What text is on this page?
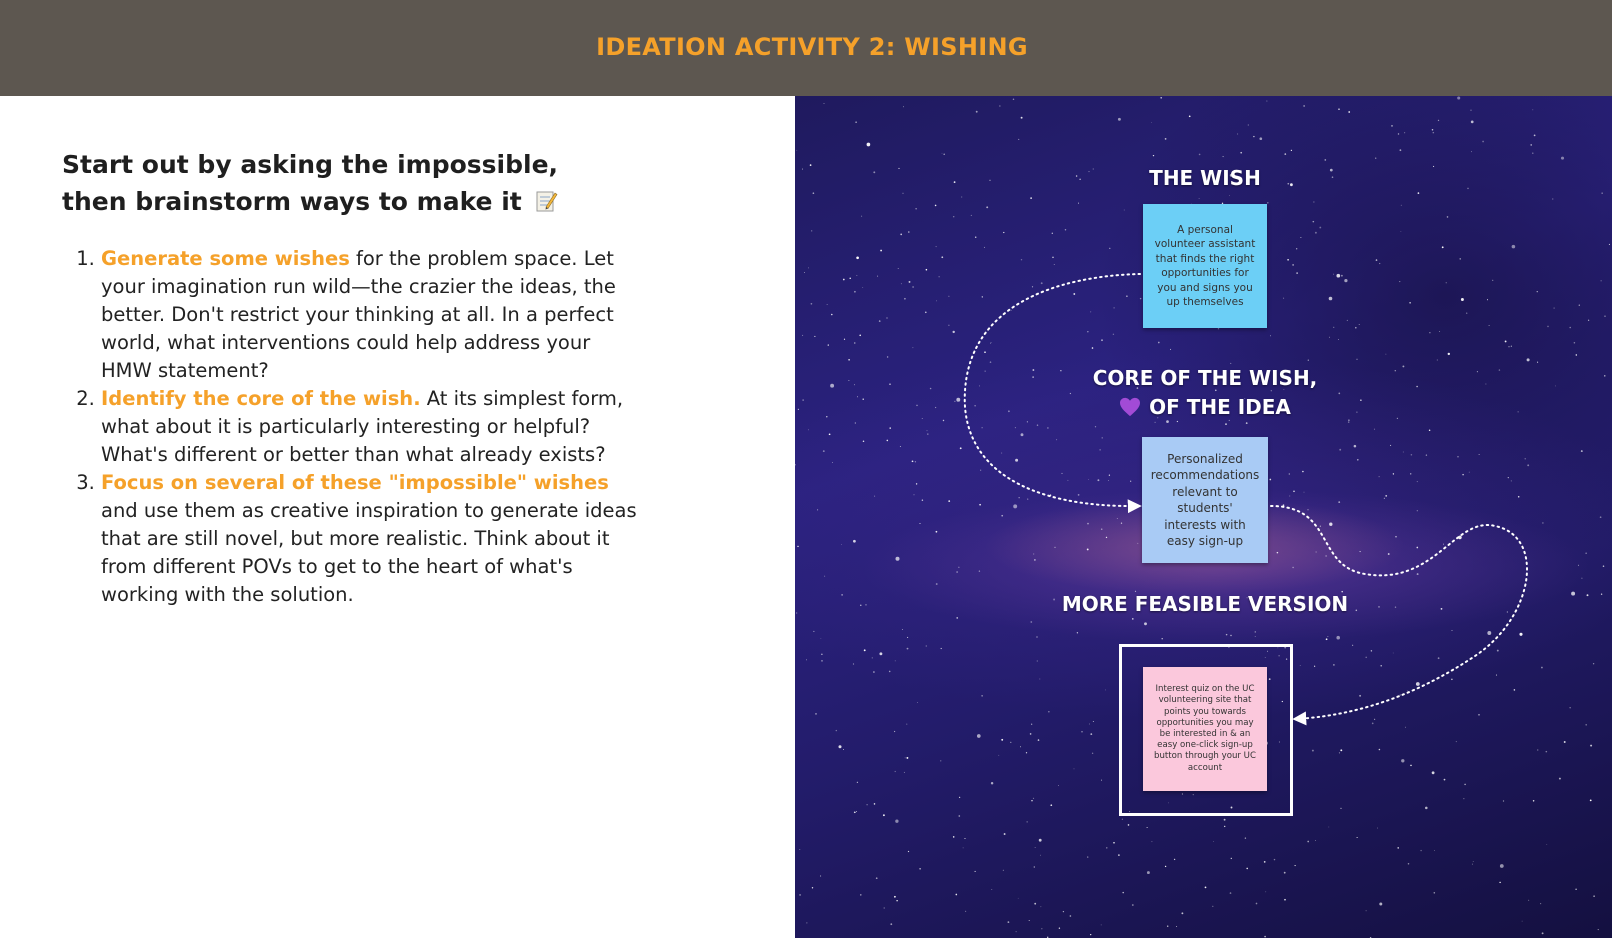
IDEATION ACTIVITY 2: WISHING
Start out by asking the impossible, then brainstorm ways to make it
1. Generate some wishes for the problem space. Let your imagination run wild—the crazier the ideas, the better. Don't restrict your thinking at all. In a perfect world, what interventions could help address your HMW statement?
2. Identify the core of the wish. At its simplest form, what about it is particularly interesting or helpful? What's different or better than what already exists?
3. Focus on several of these "impossible" wishes and use them as creative inspiration to generate ideas that are still novel, but more realistic. Think about it from different POVs to get to the heart of what's working with the solution.
THE WISH
A personal volunteer assistant that finds the right opportunities for you and signs you up themselves
CORE OF THE WISH,
OF THE IDEA
Personalized recommendations relevant to students' interests with easy sign-up
MORE FEASIBLE VERSION
Interest quiz on the UC volunteering site that points you towards opportunities you may be interested in & an easy one-click sign-up button through your UC account
